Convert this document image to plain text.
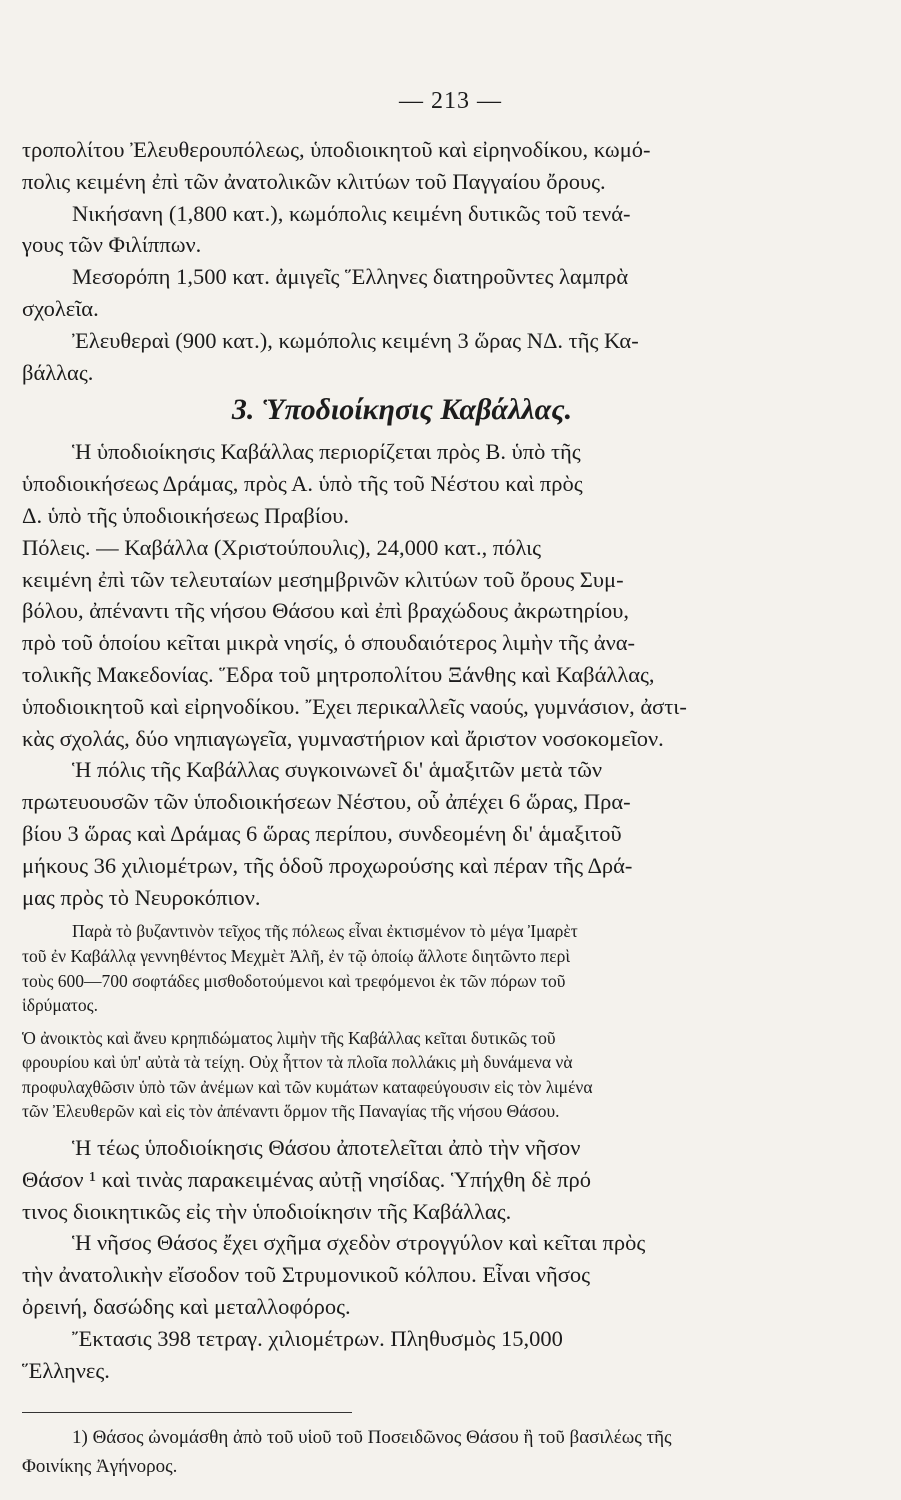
— 213 —
τροπολίτου Ἐλευθερουπόλεως, ὑποδιοικητοῦ καὶ εἰρηνοδίκου, κωμό-
πολις κειμένη ἐπὶ τῶν ἀνατολικῶν κλιτύων τοῦ Παγγαίου ὄρους.
Νικήσανη (1,800 κατ.), κωμόπολις κειμένη δυτικῶς τοῦ τενά-
γους τῶν Φιλίππων.
Μεσορόπη 1,500 κατ. ἀμιγεῖς Ἕλληνες διατηροῦντες λαμπρὰ
σχολεῖα.
Ἐλευθεραὶ (900 κατ.), κωμόπολις κειμένη 3 ὥρας ΝΔ. τῆς Κα-
βάλλας.
3. Ὑποδιοίκησις Καβάλλας.
Ἡ ὑποδιοίκησις Καβάλλας περιορίζεται πρὸς Β. ὑπὸ τῆς
ὑποδιοικήσεως Δράμας, πρὸς Α. ὑπὸ τῆς τοῦ Νέστου καὶ πρὸς
Δ. ὑπὸ τῆς ὑποδιοικήσεως Πραβίου.
Πόλεις. — Καβάλλα (Χριστούπουλις), 24,000 κατ., πόλις
κειμένη ἐπὶ τῶν τελευταίων μεσημβρινῶν κλιτύων τοῦ ὄρους Συμ-
βόλου, ἀπέναντι τῆς νήσου Θάσου καὶ ἐπὶ βραχώδους ἀκρωτηρίου,
πρὸ τοῦ ὁποίου κεῖται μικρὰ νησίς, ὁ σπουδαιότερος λιμὴν τῆς ἀνα-
τολικῆς Μακεδονίας. Ἕδρα τοῦ μητροπολίτου Ξάνθης καὶ Καβάλλας,
ὑποδιοικητοῦ καὶ εἰρηνοδίκου. Ἔχει περικαλλεῖς ναούς, γυμνάσιον, ἀστι-
κὰς σχολάς, δύο νηπιαγωγεῖα, γυμναστήριον καὶ ἄριστον νοσοκομεῖον.
Ἡ πόλις τῆς Καβάλλας συγκοινωνεῖ δι' ἁμαξιτῶν μετὰ τῶν
πρωτευουσῶν τῶν ὑποδιοικήσεων Νέστου, οὗ ἀπέχει 6 ὥρας, Πρα-
βίου 3 ὥρας καὶ Δράμας 6 ὥρας περίπου, συνδεομένη δι' ἁμαξιτοῦ
μήκους 36 χιλιομέτρων, τῆς ὁδοῦ προχωρούσης καὶ πέραν τῆς Δρά-
μας πρὸς τὸ Νευροκόπιον.
Παρὰ τὸ βυζαντινὸν τεῖχος τῆς πόλεως εἶναι ἐκτισμένον τὸ μέγα Ἰμαρὲτ
τοῦ ἐν Καβάλλᾳ γεννηθέντος Μεχμὲτ Ἀλῆ, ἐν τῷ ὁποίῳ ἄλλοτε διητῶντο περὶ
τοὺς 600—700 σοφτάδες μισθοδοτούμενοι καὶ τρεφόμενοι ἐκ τῶν πόρων τοῦ
ἱδρύματος.
Ὁ ἀνοικτὸς καὶ ἄνευ κρηπιδώματος λιμὴν τῆς Καβάλλας κεῖται δυτικῶς τοῦ
φρουρίου καὶ ὑπ' αὐτὰ τὰ τείχη. Οὐχ ἧττον τὰ πλοῖα πολλάκις μὴ δυνάμενα νὰ
προφυλαχθῶσιν ὑπὸ τῶν ἀνέμων καὶ τῶν κυμάτων καταφεύγουσιν εἰς τὸν λιμένα
τῶν Ἐλευθερῶν καὶ εἰς τὸν ἀπέναντι ὅρμον τῆς Παναγίας τῆς νήσου Θάσου.
Ἡ τέως ὑποδιοίκησις Θάσου ἀποτελεῖται ἀπὸ τὴν νῆσον
Θάσον ¹ καὶ τινὰς παρακειμένας αὐτῇ νησίδας. Ὑπήχθη δὲ πρό
τινος διοικητικῶς εἰς τὴν ὑποδιοίκησιν τῆς Καβάλλας.
Ἡ νῆσος Θάσος ἔχει σχῆμα σχεδὸν στρογγύλον καὶ κεῖται πρὸς
τὴν ἀνατολικὴν εἴσοδον τοῦ Στρυμονικοῦ κόλπου. Εἶναι νῆσος
ὀρεινή, δασώδης καὶ μεταλλοφόρος.
Ἔκτασις 398 τετραγ. χιλιομέτρων. Πληθυσμὸς 15,000
Ἕλληνες.
1) Θάσος ὠνομάσθη ἀπὸ τοῦ υἱοῦ τοῦ Ποσειδῶνος Θάσου ἢ τοῦ βασιλέως τῆς
Φοινίκης Ἀγήνορος.
